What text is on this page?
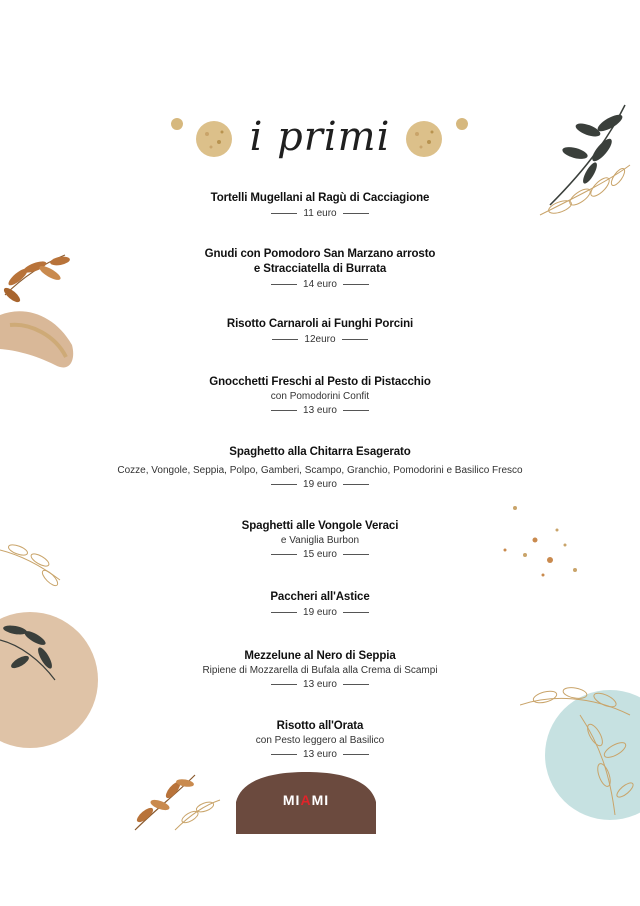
i primi
Tortelli Mugellani al Ragù di Cacciagione
11 euro
Gnudi con Pomodoro San Marzano arrosto
e Stracciatella di Burrata
14 euro
Risotto Carnaroli ai Funghi Porcini
12euro
Gnocchetti Freschi al Pesto di Pistacchio
con Pomodorini Confit
13 euro
Spaghetto alla Chitarra Esagerato
Cozze, Vongole, Seppia, Polpo, Gamberi, Scampo, Granchio, Pomodorini e Basilico Fresco
19 euro
Spaghetti alle Vongole Veraci
e Vaniglia Burbon
15 euro
Paccheri all'Astice
19 euro
Mezzelune al Nero di Seppia
Ripiene di Mozzarella di Bufala alla Crema di Scampi
13 euro
Risotto all'Orata
con Pesto leggero al Basilico
13 euro
MIAMI
